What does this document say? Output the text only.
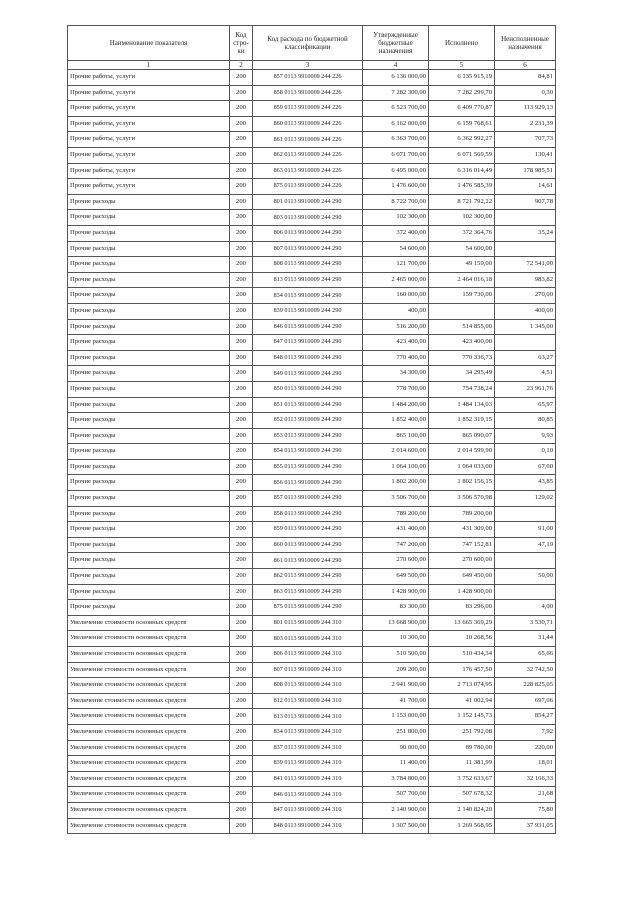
Наименование показателя	Код стро-ки	Код расхода по бюджетной классификации	Утвержденные бюджетные назначения	Исполнено	Неисполненные назначения
1	2	3	4	5	6
Прочие работы, услуги	200	857 0113 9910009 244 226	6 136 000,00	6 135 915,19	84,81
Прочие работы, услуги	200	858 0113 9910009 244 226	7 282 300,00	7 282 299,70	0,30
Прочие работы, услуги	200	859 0113 9910009 244 226	6 523 700,00	6 409 770,87	113 929,13
Прочие работы, услуги	200	860 0113 9910009 244 226	6 162 000,00	6 159 768,61	2 231,39
Прочие работы, услуги	200	861 0113 9910009 244 226	6 363 700,00	6 362 992,27	707,73
Прочие работы, услуги	200	862 0113 9910009 244 226	6 071 700,00	6 071 569,59	130,41
Прочие работы, услуги	200	863 0113 9910009 244 226	6 495 000,00	6 316 014,49	178 985,51
Прочие работы, услуги	200	875 0113 9910009 244 226	1 476 600,00	1 476 585,39	14,61
Прочие расходы	200	801 0113 9910009 244 290	8 722 700,00	8 721 792,22	907,78
Прочие расходы	200	803 0113 9910009 244 290	102 300,00	102 300,00	
Прочие расходы	200	806 0113 9910009 244 290	372 400,00	372 364,76	35,24
Прочие расходы	200	807 0113 9910009 244 290	54 600,00	54 600,00	
Прочие расходы	200	808 0113 9910009 244 290	121 700,00	49 159,00	72 541,00
Прочие расходы	200	813 0113 9910009 244 290	2 465 000,00	2 464 016,18	983,82
Прочие расходы	200	834 0113 9910009 244 290	160 000,00	159 730,00	270,00
Прочие расходы	200	839 0113 9910009 244 290	400,00		400,00
Прочие расходы	200	846 0113 9910009 244 290	516 200,00	514 855,00	1 345,00
Прочие расходы	200	847 0113 9910009 244 290	423 400,00	423 400,00	
Прочие расходы	200	848 0113 9910009 244 290	770 400,00	770 336,73	63,27
Прочие расходы	200	849 0113 9910009 244 290	34 300,00	34 295,49	4,51
Прочие расходы	200	850 0113 9910009 244 290	778 700,00	754 738,24	23 961,76
Прочие расходы	200	851 0113 9910009 244 290	1 484 200,00	1 484 134,03	65,97
Прочие расходы	200	852 0113 9910009 244 290	1 852 400,00	1 852 319,15	80,85
Прочие расходы	200	853 0113 9910009 244 290	865 100,00	865 090,07	9,93
Прочие расходы	200	854 0113 9910009 244 290	2 014 600,00	2 014 599,90	0,10
Прочие расходы	200	855 0113 9910009 244 290	1 064 100,00	1 064 033,00	67,00
Прочие расходы	200	856 0113 9910009 244 290	1 802 200,00	1 802 156,15	43,85
Прочие расходы	200	857 0113 9910009 244 290	3 506 700,00	3 506 570,98	129,02
Прочие расходы	200	858 0113 9910009 244 290	789 200,00	789 200,00	
Прочие расходы	200	859 0113 9910009 244 290	431 400,00	431 309,00	91,00
Прочие расходы	200	860 0113 9910009 244 290	747 200,00	747 152,81	47,19
Прочие расходы	200	861 0113 9910009 244 290	270 600,00	270 600,00	
Прочие расходы	200	862 0113 9910009 244 290	649 500,00	649 450,00	50,00
Прочие расходы	200	863 0113 9910009 244 290	1 428 900,00	1 428 900,00	
Прочие расходы	200	875 0113 9910009 244 290	83 300,00	83 296,00	4,00
Увеличение стоимости основных средств	200	801 0113 9910009 244 310	13 668 900,00	13 665 369,29	3 530,71
Увеличение стоимости основных средств	200	803 0113 9910009 244 310	10 300,00	10 268,56	31,44
Увеличение стоимости основных средств	200	806 0113 9910009 244 310	510 500,00	510 434,34	65,66
Увеличение стоимости основных средств	200	807 0113 9910009 244 310	209 200,00	176 457,50	32 742,50
Увеличение стоимости основных средств	200	808 0113 9910009 244 310	2 941 900,00	2 713 074,95	228 825,05
Увеличение стоимости основных средств	200	812 0113 9910009 244 310	41 700,00	41 002,94	697,06
Увеличение стоимости основных средств	200	813 0113 9910009 244 310	1 153 000,00	1 152 145,73	854,27
Увеличение стоимости основных средств	200	834 0113 9910009 244 310	251 800,00	251 792,08	7,92
Увеличение стоимости основных средств	200	837 0113 9910009 244 310	90 000,00	89 780,00	220,00
Увеличение стоимости основных средств	200	839 0113 9910009 244 310	11 400,00	11 381,99	18,01
Увеличение стоимости основных средств	200	841 0113 9910009 244 310	3 784 800,00	3 752 633,67	32 166,33
Увеличение стоимости основных средств	200	846 0113 9910009 244 310	507 700,00	507 678,32	21,68
Увеличение стоимости основных средств	200	847 0113 9910009 244 310	2 140 900,00	2 140 824,20	75,80
Увеличение стоимости основных средств	200	848 0113 9910009 244 310	1 307 500,00	1 269 568,95	37 931,05
